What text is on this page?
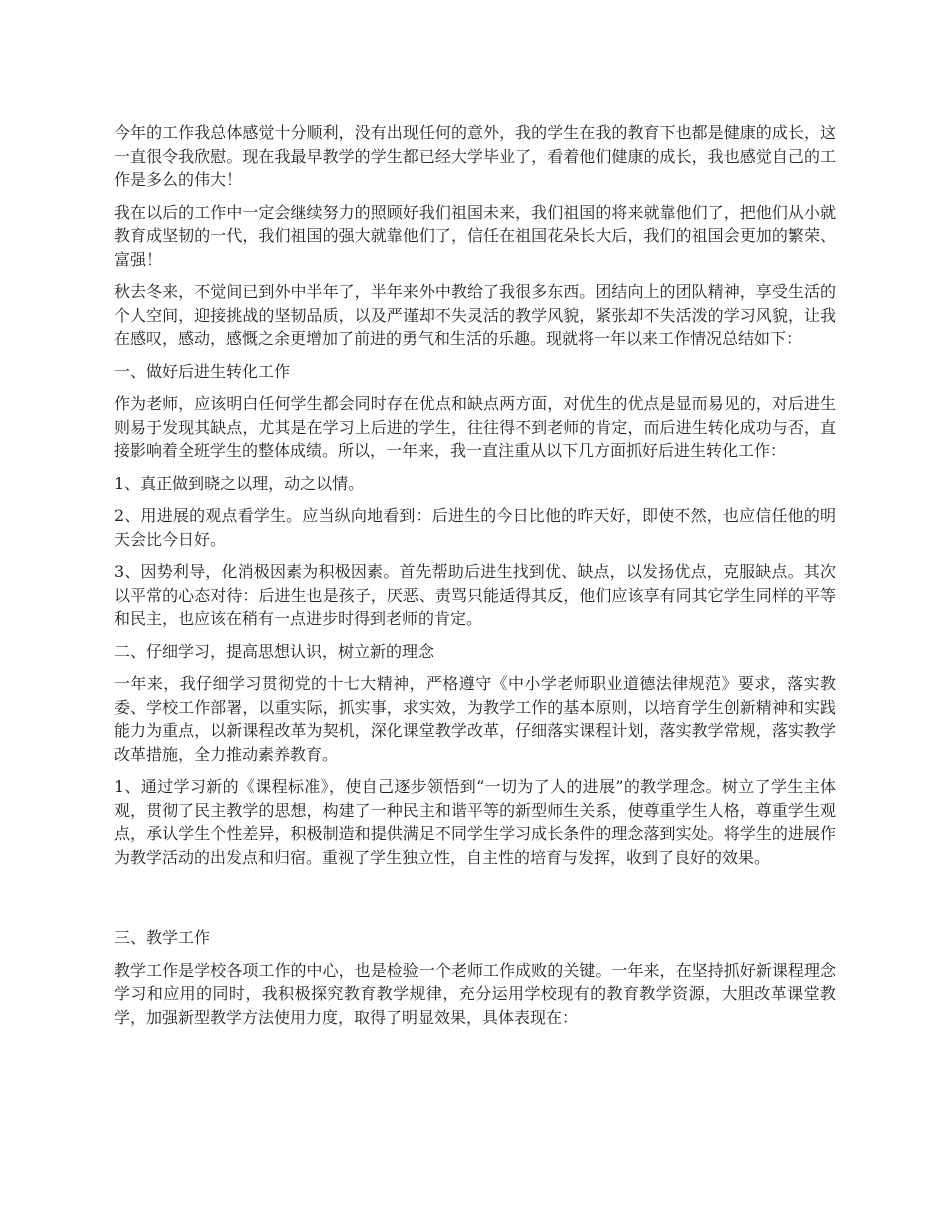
今年的工作我总体感觉十分顺利，没有出现任何的意外，我的学生在我的教育下也都是健康的成长，这一直很令我欣慰。现在我最早教学的学生都已经大学毕业了，看着他们健康的成长，我也感觉自己的工作是多么的伟大！

我在以后的工作中一定会继续努力的照顾好我们祖国未来，我们祖国的将来就靠他们了，把他们从小就教育成坚韧的一代，我们祖国的强大就靠他们了，信任在祖国花朵长大后，我们的祖国会更加的繁荣、富强！

秋去冬来，不觉间已到外中半年了，半年来外中教给了我很多东西。团结向上的团队精神，享受生活的个人空间，迎接挑战的坚韧品质，以及严谨却不失灵活的教学风貌，紧张却不失活泼的学习风貌，让我在感叹，感动，感慨之余更增加了前进的勇气和生活的乐趣。现就将一年以来工作情况总结如下：

一、做好后进生转化工作

作为老师，应该明白任何学生都会同时存在优点和缺点两方面，对优生的优点是显而易见的，对后进生则易于发现其缺点，尤其是在学习上后进的学生，往往得不到老师的肯定，而后进生转化成功与否，直接影响着全班学生的整体成绩。所以，一年来，我一直注重从以下几方面抓好后进生转化工作：

1、真正做到晓之以理，动之以情。

2、用进展的观点看学生。应当纵向地看到：后进生的今日比他的昨天好，即使不然，也应信任他的明天会比今日好。

3、因势利导，化消极因素为积极因素。首先帮助后进生找到优、缺点，以发扬优点，克服缺点。其次以平常的心态对待：后进生也是孩子，厌恶、责骂只能适得其反，他们应该享有同其它学生同样的平等和民主，也应该在稍有一点进步时得到老师的肯定。

二、仔细学习，提高思想认识，树立新的理念

一年来，我仔细学习贯彻党的十七大精神，严格遵守《中小学老师职业道德法律规范》要求，落实教委、学校工作部署，以重实际，抓实事，求实效，为教学工作的基本原则，以培育学生创新精神和实践能力为重点，以新课程改革为契机，深化课堂教学改革，仔细落实课程计划，落实教学常规，落实教学改革措施，全力推动素养教育。

1、通过学习新的《课程标准》，使自己逐步领悟到“一切为了人的进展”的教学理念。树立了学生主体观，贯彻了民主教学的思想，构建了一种民主和谐平等的新型师生关系，使尊重学生人格，尊重学生观点，承认学生个性差异，积极制造和提供满足不同学生学习成长条件的理念落到实处。将学生的进展作为教学活动的出发点和归宿。重视了学生独立性，自主性的培育与发挥，收到了良好的效果。

三、教学工作

教学工作是学校各项工作的中心，也是检验一个老师工作成败的关键。一年来，在坚持抓好新课程理念学习和应用的同时，我积极探究教育教学规律，充分运用学校现有的教育教学资源，大胆改革课堂教学，加强新型教学方法使用力度，取得了明显效果，具体表现在：
